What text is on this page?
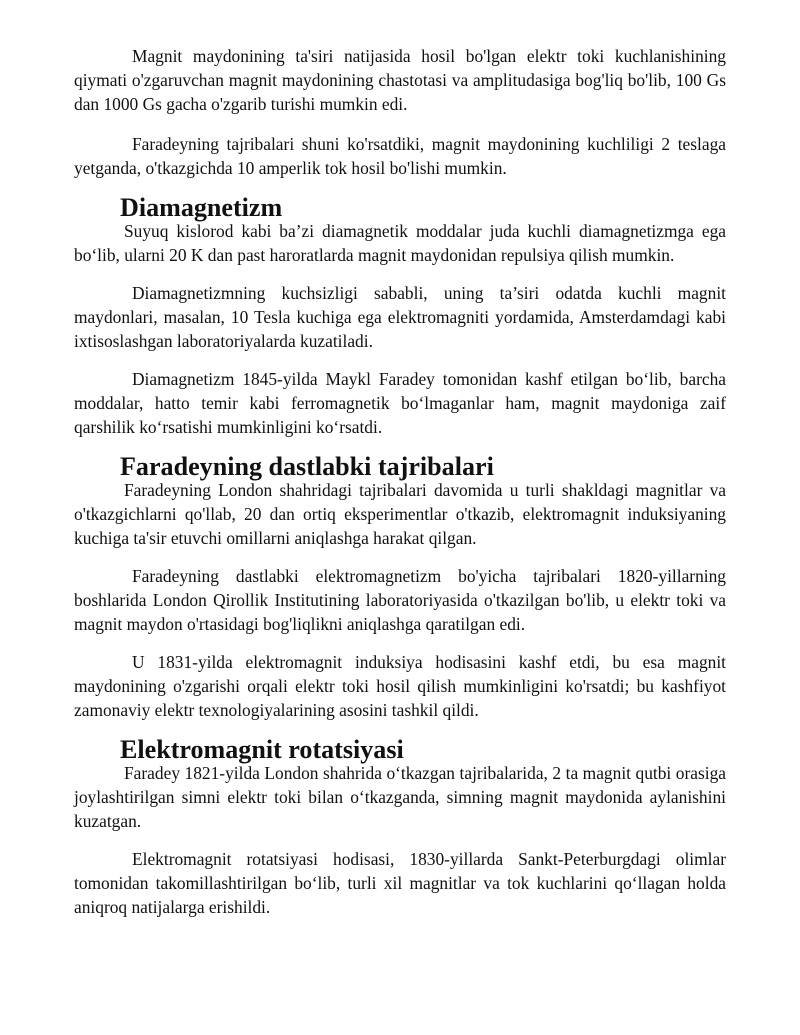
Magnit maydonining ta'siri natijasida hosil bo'lgan elektr toki kuchlanishining qiymati o'zgaruvchan magnit maydonining chastotasi va amplitudasiga bog'liq bo'lib, 100 Gs dan 1000 Gs gacha o'zgarib turishi mumkin edi.

Faradeyning tajribalari shuni ko'rsatdiki, magnit maydonining kuchliligi 2 teslaga yetganda, o'tkazgichda 10 amperlik tok hosil bo'lishi mumkin.

Diamagnetizm

Suyuq kislorod kabi ba’zi diamagnetik moddalar juda kuchli diamagnetizmga ega bo‘lib, ularni 20 K dan past haroratlarda magnit maydonidan repulsiya qilish mumkin.

Diamagnetizmning kuchsizligi sababli, uning ta’siri odatda kuchli magnit maydonlari, masalan, 10 Tesla kuchiga ega elektromagniti yordamida, Amsterdamdagi kabi ixtisoslashgan laboratoriyalarda kuzatiladi.

Diamagnetizm 1845-yilda Maykl Faradey tomonidan kashf etilgan bo‘lib, barcha moddalar, hatto temir kabi ferromagnetik bo‘lmaganlar ham, magnit maydoniga zaif qarshilik ko‘rsatishi mumkinligini ko‘rsatdi.

Faradeyning dastlabki tajribalari

Faradeyning London shahridagi tajribalari davomida u turli shakldagi magnitlar va o'tkazgichlarni qo'llab, 20 dan ortiq eksperimentlar o'tkazib, elektromagnit induksiyaning kuchiga ta'sir etuvchi omillarni aniqlashga harakat qilgan.

Faradeyning dastlabki elektromagnetizm bo'yicha tajribalari 1820-yillarning boshlarida London Qirollik Institutining laboratoriyasida o'tkazilgan bo'lib, u elektr toki va magnit maydon o'rtasidagi bog'liqlikni aniqlashga qaratilgan edi.

U 1831-yilda elektromagnit induksiya hodisasini kashf etdi, bu esa magnit maydonining o'zgarishi orqali elektr toki hosil qilish mumkinligini ko'rsatdi; bu kashfiyot zamonaviy elektr texnologiyalarining asosini tashkil qildi.

Elektromagnit rotatsiyasi

Faradey 1821-yilda London shahrida o‘tkazgan tajribalarida, 2 ta magnit qutbi orasiga joylashtirilgan simni elektr toki bilan o‘tkazganda, simning magnit maydonida aylanishini kuzatgan.

Elektromagnit rotatsiyasi hodisasi, 1830-yillarda Sankt-Peterburgdagi olimlar tomonidan takomillashtirilgan bo‘lib, turli xil magnitlar va tok kuchlarini qo‘llagan holda aniqroq natijalarga erishildi.
